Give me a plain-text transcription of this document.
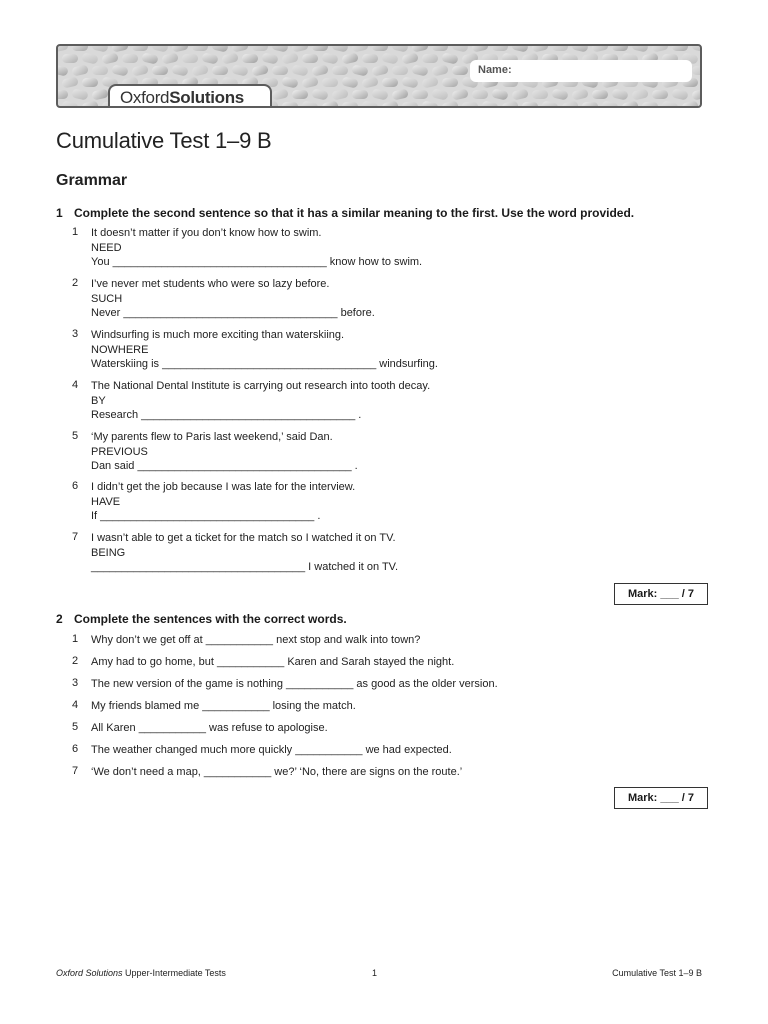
Name:
OxfordSolutions
Cumulative Test 1–9 B
Grammar
1 Complete the second sentence so that it has a similar meaning to the first. Use the word provided.
1	It doesn’t matter if you don’t know how to swim.
NEED
You ___________________________________ know how to swim.
2	I’ve never met students who were so lazy before.
SUCH
Never ___________________________________ before.
3	Windsurfing is much more exciting than waterskiing.
NOWHERE
Waterskiing is ___________________________________ windsurfing.
4	The National Dental Institute is carrying out research into tooth decay.
BY
Research ___________________________________ .
5	‘My parents flew to Paris last weekend,’ said Dan.
PREVIOUS
Dan said ___________________________________ .
6	I didn’t get the job because I was late for the interview.
HAVE
If ___________________________________ .
7	I wasn’t able to get a ticket for the match so I watched it on TV.
BEING
___________________________________ I watched it on TV.
Mark: ___ / 7
2 Complete the sentences with the correct words.
1	Why don’t we get off at ___________ next stop and walk into town?
2	Amy had to go home, but ___________ Karen and Sarah stayed the night.
3	The new version of the game is nothing ___________ as good as the older version.
4	My friends blamed me ___________ losing the match.
5	All Karen ___________ was refuse to apologise.
6	The weather changed much more quickly ___________ we had expected.
7	‘We don’t need a map, ___________ we?’ ‘No, there are signs on the route.’
Mark: ___ / 7
Oxford Solutions Upper-Intermediate Tests	1	Cumulative Test 1–9 B
